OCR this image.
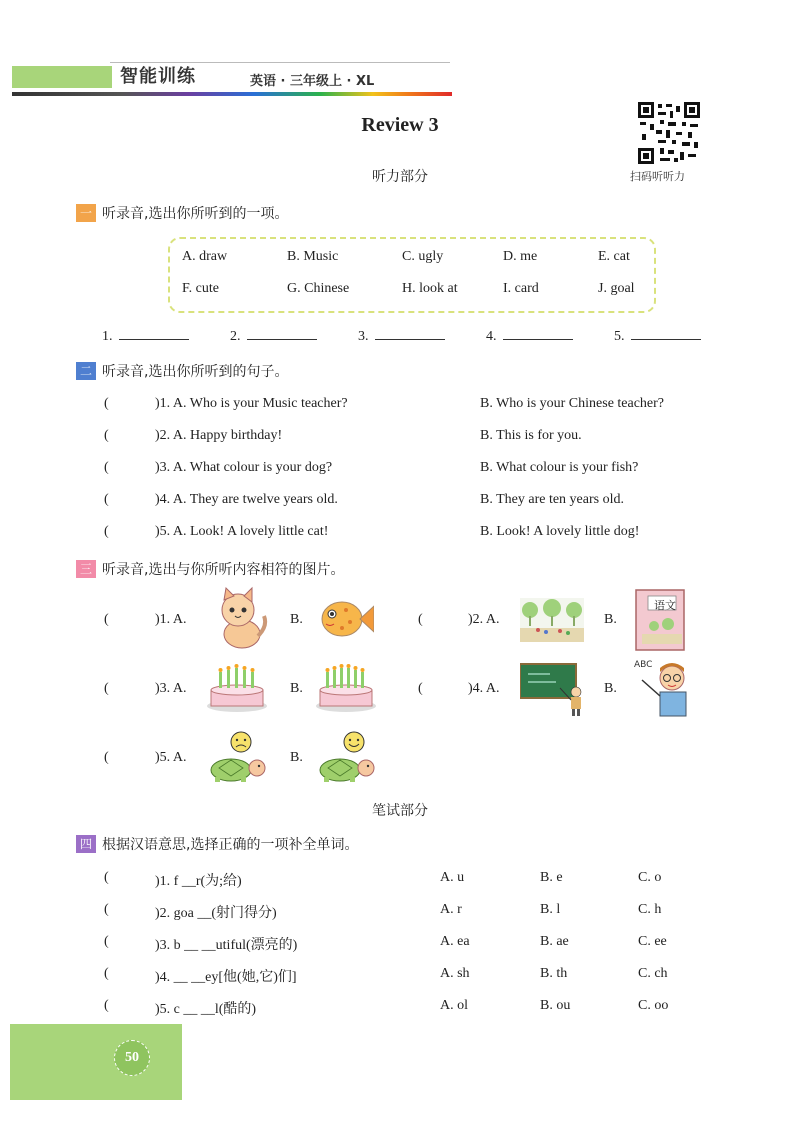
智能训练	英语 · 三年级上 · XL
Review 3
扫码听听力
听力部分
一 听录音,选出你所听到的一项。
A. draw	B. Music	C. ugly	D. me	E. cat
F. cute	G. Chinese	H. look at	I. card	J. goal
1.	2.	3.	4.	5.
二 听录音,选出你所听到的句子。
(	)1. A. Who is your Music teacher?	B. Who is your Chinese teacher?
(	)2. A. Happy birthday!	B. This is for you.
(	)3. A. What colour is your dog?	B. What colour is your fish?
(	)4. A. They are twelve years old.	B. They are ten years old.
(	)5. A. Look! A lovely little cat!	B. Look! A lovely little dog!
三 听录音,选出与你所听内容相符的图片。
(	)1. A.	B.	(	)2. A.	B.
语文
(	)3. A.	B.	(	)4. A.	B.
ABC
(	)5. A.	B.
笔试部分
四 根据汉语意思,选择正确的一项补全单词。
(	)1. f __r(为;给)	A. u	B. e	C. o
(	)2. goa __(射门得分)	A. r	B. l	C. h
(	)3. b __ __utiful(漂亮的)	A. ea	B. ae	C. ee
(	)4. __ __ey[他(她,它)们]	A. sh	B. th	C. ch
(	)5. c __ __l(酷的)	A. ol	B. ou	C. oo
50
